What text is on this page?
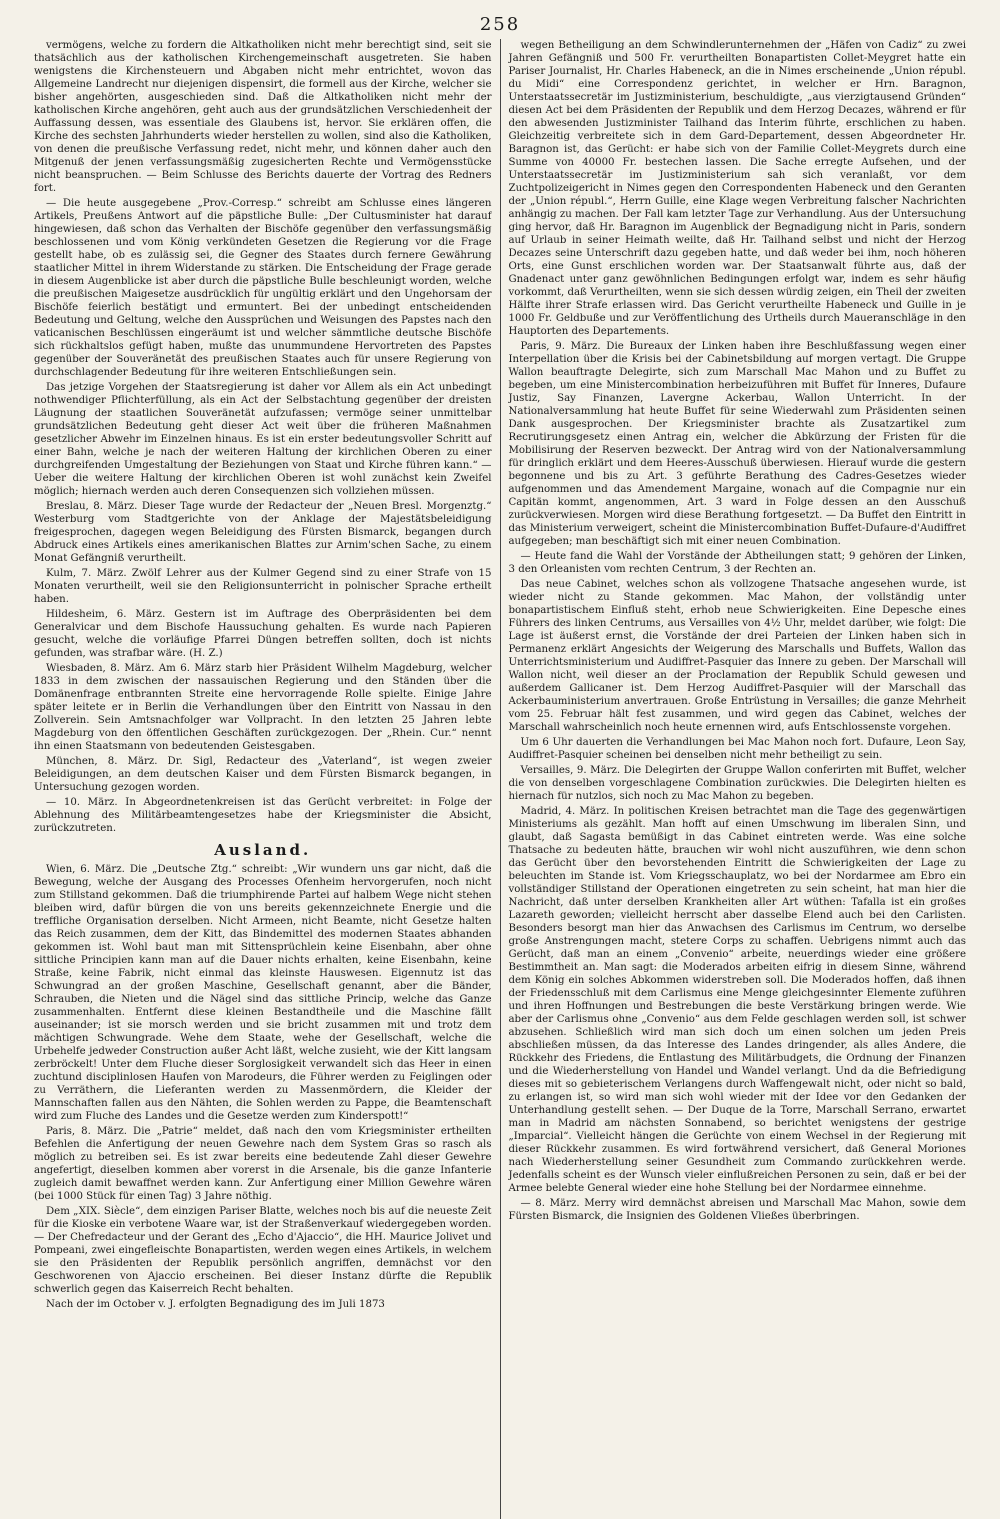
258

vermögens, welche zu fordern die Altkatholiken nicht mehr berechtigt sind, seit sie thatsächlich aus der katholischen Kirchengemeinschaft ausgetreten. Sie haben wenigstens die Kirchensteuern und Abgaben nicht mehr entrichtet, wovon das Allgemeine Landrecht nur diejenigen dispensirt, die formell aus der Kirche, welcher sie bisher angehörten, ausgeschieden sind. Daß die Altkatholiken nicht mehr der katholischen Kirche angehören, geht auch aus der grundsätzlichen Verschiedenheit der Auffassung dessen, was essentiale des Glaubens ist, hervor. Sie erklären offen, die Kirche des sechsten Jahrhunderts wieder herstellen zu wollen, sind also die Katholiken, von denen die preußische Verfassung redet, nicht mehr, und können daher auch den Mitgenuß der jenen verfassungsmäßig zugesicherten Rechte und Vermögensstücke nicht beanspruchen. — Beim Schlusse des Berichts dauerte der Vortrag des Redners fort.

— Die heute ausgegebene „Prov.-Corresp.“ schreibt am Schlusse eines längeren Artikels, Preußens Antwort auf die päpstliche Bulle: „Der Cultusminister hat darauf hingewiesen, daß schon das Verhalten der Bischöfe gegenüber den verfassungsmäßig beschlossenen und vom König verkündeten Gesetzen die Regierung vor die Frage gestellt habe, ob es zulässig sei, die Gegner des Staates durch fernere Gewährung staatlicher Mittel in ihrem Widerstande zu stärken. Die Entscheidung der Frage gerade in diesem Augenblicke ist aber durch die päpstliche Bulle beschleunigt worden, welche die preußischen Maigesetze ausdrücklich für ungültig erklärt und den Ungehorsam der Bischöfe feierlich bestätigt und ermuntert. Bei der unbedingt entscheidenden Bedeutung und Geltung, welche den Aussprüchen und Weisungen des Papstes nach den vaticanischen Beschlüssen eingeräumt ist und welcher sämmtliche deutsche Bischöfe sich rückhaltslos gefügt haben, mußte das unummundene Hervortreten des Papstes gegenüber der Souveränetät des preußischen Staates auch für unsere Regierung von durchschlagender Bedeutung für ihre weiteren Entschließungen sein.

Das jetzige Vorgehen der Staatsregierung ist daher vor Allem als ein Act unbedingt nothwendiger Pflichterfüllung, als ein Act der Selbstachtung gegenüber der dreisten Läugnung der staatlichen Souveränetät aufzufassen; vermöge seiner unmittelbar grundsätzlichen Bedeutung geht dieser Act weit über die früheren Maßnahmen gesetzlicher Abwehr im Einzelnen hinaus. Es ist ein erster bedeutungsvoller Schritt auf einer Bahn, welche je nach der weiteren Haltung der kirchlichen Oberen zu einer durchgreifenden Umgestaltung der Beziehungen von Staat und Kirche führen kann.“ — Ueber die weitere Haltung der kirchlichen Oberen ist wohl zunächst kein Zweifel möglich; hiernach werden auch deren Consequenzen sich vollziehen müssen.

Breslau, 8. März. Dieser Tage wurde der Redacteur der „Neuen Bresl. Morgenztg.“ Westerburg vom Stadtgerichte von der Anklage der Majestätsbeleidigung freigesprochen, dagegen wegen Beleidigung des Fürsten Bismarck, begangen durch Abdruck eines Artikels eines amerikanischen Blattes zur Arnim'schen Sache, zu einem Monat Gefängniß verurtheilt.

Kulm, 7. März. Zwölf Lehrer aus der Kulmer Gegend sind zu einer Strafe von 15 Monaten verurtheilt, weil sie den Religionsunterricht in polnischer Sprache ertheilt haben.

Hildesheim, 6. März. Gestern ist im Auftrage des Oberpräsidenten bei dem Generalvicar und dem Bischofe Haussuchung gehalten. Es wurde nach Papieren gesucht, welche die vorläufige Pfarrei Düngen betreffen sollten, doch ist nichts gefunden, was strafbar wäre. (H. Z.)

Wiesbaden, 8. März. Am 6. März starb hier Präsident Wilhelm Magdeburg, welcher 1833 in dem zwischen der nassauischen Regierung und den Ständen über die Domänenfrage entbrannten Streite eine hervorragende Rolle spielte. Einige Jahre später leitete er in Berlin die Verhandlungen über den Eintritt von Nassau in den Zollverein. Sein Amtsnachfolger war Vollpracht. In den letzten 25 Jahren lebte Magdeburg von den öffentlichen Geschäften zurückgezogen. Der „Rhein. Cur.“ nennt ihn einen Staatsmann von bedeutenden Geistesgaben.

München, 8. März. Dr. Sigl, Redacteur des „Vaterland“, ist wegen zweier Beleidigungen, an dem deutschen Kaiser und dem Fürsten Bismarck begangen, in Untersuchung gezogen worden.

— 10. März. In Abgeordnetenkreisen ist das Gerücht verbreitet: in Folge der Ablehnung des Militärbeamtengesetzes habe der Kriegsminister die Absicht, zurückzutreten.

Ausland.

Wien, 6. März. Die „Deutsche Ztg.“ schreibt: „Wir wundern uns gar nicht, daß die Bewegung, welche der Ausgang des Processes Ofenheim hervorgerufen, noch nicht zum Stillstand gekommen. Daß die triumphirende Partei auf halbem Wege nicht stehen bleiben wird, dafür bürgen die von uns bereits gekennzeichnete Energie und die treffliche Organisation derselben. Nicht Armeen, nicht Beamte, nicht Gesetze halten das Reich zusammen, dem der Kitt, das Bindemittel des modernen Staates abhanden gekommen ist. Wohl baut man mit Sittensprüchlein keine Eisenbahn, aber ohne sittliche Principien kann man auf die Dauer nichts erhalten, keine Eisenbahn, keine Straße, keine Fabrik, nicht einmal das kleinste Hauswesen. Eigennutz ist das Schwungrad an der großen Maschine, Gesellschaft genannt, aber die Bänder, Schrauben, die Nieten und die Nägel sind das sittliche Princip, welche das Ganze zusammenhalten. Entfernt diese kleinen Bestandtheile und die Maschine fällt auseinander; ist sie morsch werden und sie bricht zusammen mit und trotz dem mächtigen Schwungrade. Wehe dem Staate, wehe der Gesellschaft, welche die Urbehelfe jedweder Construction außer Acht läßt, welche zusieht, wie der Kitt langsam zerbröckelt! Unter dem Fluche dieser Sorglosigkeit verwandelt sich das Heer in einen zuchtund disciplinlosen Haufen von Marodeurs, die Führer werden zu Feiglingen oder zu Verräthern, die Lieferanten werden zu Massenmördern, die Kleider der Mannschaften fallen aus den Nähten, die Sohlen werden zu Pappe, die Beamtenschaft wird zum Fluche des Landes und die Gesetze werden zum Kinderspott!“

Paris, 8. März. Die „Patrie“ meldet, daß nach den vom Kriegsminister ertheilten Befehlen die Anfertigung der neuen Gewehre nach dem System Gras so rasch als möglich zu betreiben sei. Es ist zwar bereits eine bedeutende Zahl dieser Gewehre angefertigt, dieselben kommen aber vorerst in die Arsenale, bis die ganze Infanterie zugleich damit bewaffnet werden kann. Zur Anfertigung einer Million Gewehre wären (bei 1000 Stück für einen Tag) 3 Jahre nöthig.

Dem „XIX. Siècle“, dem einzigen Pariser Blatte, welches noch bis auf die neueste Zeit für die Kioske ein verbotene Waare war, ist der Straßenverkauf wiedergegeben worden. — Der Chefredacteur und der Gerant des „Echo d'Ajaccio“, die HH. Maurice Jolivet und Pompeani, zwei eingefleischte Bonapartisten, werden wegen eines Artikels, in welchem sie den Präsidenten der Republik persönlich angriffen, demnächst vor den Geschworenen von Ajaccio erscheinen. Bei dieser Instanz dürfte die Republik schwerlich gegen das Kaiserreich Recht behalten.

Nach der im October v. J. erfolgten Begnadigung des im Juli 1873

wegen Betheiligung an dem Schwindlerunternehmen der „Häfen von Cadiz“ zu zwei Jahren Gefängniß und 500 Fr. verurtheilten Bonapartisten Collet-Meygret hatte ein Pariser Journalist, Hr. Charles Habeneck, an die in Nimes erscheinende „Union républ. du Midi“ eine Correspondenz gerichtet, in welcher er Hrn. Baragnon, Unterstaatssecretär im Justizministerium, beschuldigte, „aus vierzigtausend Gründen“ diesen Act bei dem Präsidenten der Republik und dem Herzog Decazes, während er für den abwesenden Justizminister Tailhand das Interim führte, erschlichen zu haben. Gleichzeitig verbreitete sich in dem Gard-Departement, dessen Abgeordneter Hr. Baragnon ist, das Gerücht: er habe sich von der Familie Collet-Meygrets durch eine Summe von 40000 Fr. bestechen lassen. Die Sache erregte Aufsehen, und der Unterstaatssecretär im Justizministerium sah sich veranlaßt, vor dem Zuchtpolizeigericht in Nimes gegen den Correspondenten Habeneck und den Geranten der „Union républ.“, Herrn Guille, eine Klage wegen Verbreitung falscher Nachrichten anhängig zu machen. Der Fall kam letzter Tage zur Verhandlung. Aus der Untersuchung ging hervor, daß Hr. Baragnon im Augenblick der Begnadigung nicht in Paris, sondern auf Urlaub in seiner Heimath weilte, daß Hr. Tailhand selbst und nicht der Herzog Decazes seine Unterschrift dazu gegeben hatte, und daß weder bei ihm, noch höheren Orts, eine Gunst erschlichen worden war. Der Staatsanwalt führte aus, daß der Gnadenact unter ganz gewöhnlichen Bedingungen erfolgt war, indem es sehr häufig vorkommt, daß Verurtheilten, wenn sie sich dessen würdig zeigen, ein Theil der zweiten Hälfte ihrer Strafe erlassen wird. Das Gericht verurtheilte Habeneck und Guille in je 1000 Fr. Geldbuße und zur Veröffentlichung des Urtheils durch Maueranschläge in den Hauptorten des Departements.

Paris, 9. März. Die Bureaux der Linken haben ihre Beschlußfassung wegen einer Interpellation über die Krisis bei der Cabinetsbildung auf morgen vertagt. Die Gruppe Wallon beauftragte Delegirte, sich zum Marschall Mac Mahon und zu Buffet zu begeben, um eine Ministercombination herbeizuführen mit Buffet für Inneres, Dufaure Justiz, Say Finanzen, Lavergne Ackerbau, Wallon Unterricht. In der Nationalversammlung hat heute Buffet für seine Wiederwahl zum Präsidenten seinen Dank ausgesprochen. Der Kriegsminister brachte als Zusatzartikel zum Recrutirungsgesetz einen Antrag ein, welcher die Abkürzung der Fristen für die Mobilisirung der Reserven bezweckt. Der Antrag wird von der Nationalversammlung für dringlich erklärt und dem Heeres-Ausschuß überwiesen. Hierauf wurde die gestern begonnene und bis zu Art. 3 geführte Berathung des Cadres-Gesetzes wieder aufgenommen und das Amendement Margaine, wonach auf die Compagnie nur ein Capitän kommt, angenommen, Art. 3 ward in Folge dessen an den Ausschuß zurückverwiesen. Morgen wird diese Berathung fortgesetzt. — Da Buffet den Eintritt in das Ministerium verweigert, scheint die Ministercombination Buffet-Dufaure-d'Audiffret aufgegeben; man beschäftigt sich mit einer neuen Combination.

— Heute fand die Wahl der Vorstände der Abtheilungen statt; 9 gehören der Linken, 3 den Orleanisten vom rechten Centrum, 3 der Rechten an.

Das neue Cabinet, welches schon als vollzogene Thatsache angesehen wurde, ist wieder nicht zu Stande gekommen. Mac Mahon, der vollständig unter bonapartistischem Einfluß steht, erhob neue Schwierigkeiten. Eine Depesche eines Führers des linken Centrums, aus Versailles von 4½ Uhr, meldet darüber, wie folgt: Die Lage ist äußerst ernst, die Vorstände der drei Parteien der Linken haben sich in Permanenz erklärt Angesichts der Weigerung des Marschalls und Buffets, Wallon das Unterrichtsministerium und Audiffret-Pasquier das Innere zu geben. Der Marschall will Wallon nicht, weil dieser an der Proclamation der Republik Schuld gewesen und außerdem Gallicaner ist. Dem Herzog Audiffret-Pasquier will der Marschall das Ackerbauministerium anvertrauen. Große Entrüstung in Versailles; die ganze Mehrheit vom 25. Februar hält fest zusammen, und wird gegen das Cabinet, welches der Marschall wahrscheinlich noch heute ernennen wird, aufs Entschlossenste vorgehen.

Um 6 Uhr dauerten die Verhandlungen bei Mac Mahon noch fort. Dufaure, Leon Say, Audiffret-Pasquier scheinen bei denselben nicht mehr betheiligt zu sein.

Versailles, 9. März. Die Delegirten der Gruppe Wallon conferirten mit Buffet, welcher die von denselben vorgeschlagene Combination zurückwies. Die Delegirten hielten es hiernach für nutzlos, sich noch zu Mac Mahon zu begeben.

Madrid, 4. März. In politischen Kreisen betrachtet man die Tage des gegenwärtigen Ministeriums als gezählt. Man hofft auf einen Umschwung im liberalen Sinn, und glaubt, daß Sagasta bemüßigt in das Cabinet eintreten werde. Was eine solche Thatsache zu bedeuten hätte, brauchen wir wohl nicht auszuführen, wie denn schon das Gerücht über den bevorstehenden Eintritt die Schwierigkeiten der Lage zu beleuchten im Stande ist. Vom Kriegsschauplatz, wo bei der Nordarmee am Ebro ein vollständiger Stillstand der Operationen eingetreten zu sein scheint, hat man hier die Nachricht, daß unter derselben Krankheiten aller Art wüthen: Tafalla ist ein großes Lazareth geworden; vielleicht herrscht aber dasselbe Elend auch bei den Carlisten. Besonders besorgt man hier das Anwachsen des Carlismus im Centrum, wo derselbe große Anstrengungen macht, stetere Corps zu schaffen. Uebrigens nimmt auch das Gerücht, daß man an einem „Convenio“ arbeite, neuerdings wieder eine größere Bestimmtheit an. Man sagt: die Moderados arbeiten eifrig in diesem Sinne, während dem König ein solches Abkommen widerstreben soll. Die Moderados hoffen, daß ihnen der Friedensschluß mit dem Carlismus eine Menge gleichgesinnter Elemente zuführen und ihren Hoffnungen und Bestrebungen die beste Verstärkung bringen werde. Wie aber der Carlismus ohne „Convenio“ aus dem Felde geschlagen werden soll, ist schwer abzusehen. Schließlich wird man sich doch um einen solchen um jeden Preis abschließen müssen, da das Interesse des Landes dringender, als alles Andere, die Rückkehr des Friedens, die Entlastung des Militärbudgets, die Ordnung der Finanzen und die Wiederherstellung von Handel und Wandel verlangt. Und da die Befriedigung dieses mit so gebieterischem Verlangens durch Waffengewalt nicht, oder nicht so bald, zu erlangen ist, so wird man sich wohl wieder mit der Idee vor den Gedanken der Unterhandlung gestellt sehen. — Der Duque de la Torre, Marschall Serrano, erwartet man in Madrid am nächsten Sonnabend, so berichtet wenigstens der gestrige „Imparcial“. Vielleicht hängen die Gerüchte von einem Wechsel in der Regierung mit dieser Rückkehr zusammen. Es wird fortwährend versichert, daß General Moriones nach Wiederherstellung seiner Gesundheit zum Commando zurückkehren werde. Jedenfalls scheint es der Wunsch vieler einflußreichen Personen zu sein, daß er bei der Armee belebte General wieder eine hohe Stellung bei der Nordarmee einnehme.

— 8. März. Merry wird demnächst abreisen und Marschall Mac Mahon, sowie dem Fürsten Bismarck, die Insignien des Goldenen Vließes überbringen.
